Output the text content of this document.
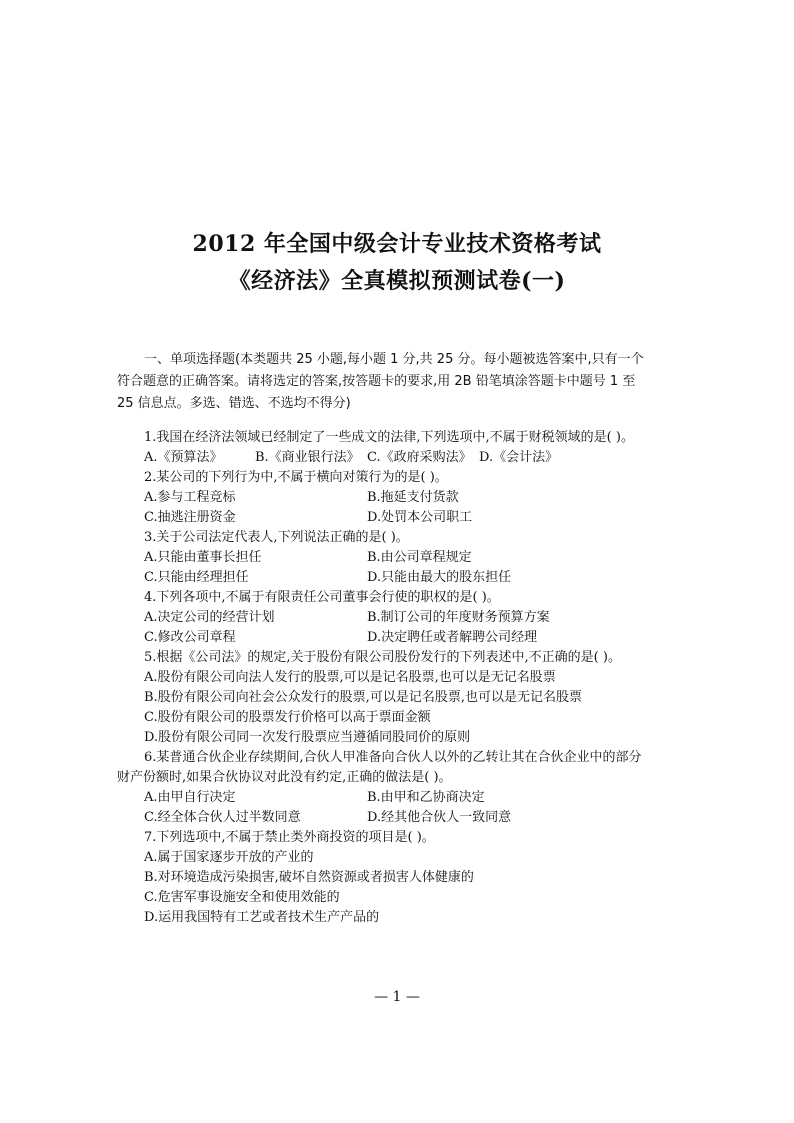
2012 年全国中级会计专业技术资格考试
《经济法》全真模拟预测试卷(一)
一、单项选择题(本类题共 25 小题,每小题 1 分,共 25 分。每小题被选答案中,只有一个
符合题意的正确答案。请将选定的答案,按答题卡的要求,用 2B 铅笔填涂答题卡中题号 1 至
25 信息点。多选、错选、不选均不得分)
1.我国在经济法领域已经制定了一些成文的法律,下列选项中,不属于财税领域的是( )。
A.《预算法》 B.《商业银行法》 C.《政府采购法》 D.《会计法》
2.某公司的下列行为中,不属于横向对策行为的是( )。
A.参与工程竞标	B.拖延支付货款
C.抽逃注册资金	D.处罚本公司职工
3.关于公司法定代表人,下列说法正确的是( )。
A.只能由董事长担任	B.由公司章程规定
C.只能由经理担任	D.只能由最大的股东担任
4.下列各项中,不属于有限责任公司董事会行使的职权的是( )。
A.决定公司的经营计划	B.制订公司的年度财务预算方案
C.修改公司章程	D.决定聘任或者解聘公司经理
5.根据《公司法》的规定,关于股份有限公司股份发行的下列表述中,不正确的是( )。
A.股份有限公司向法人发行的股票,可以是记名股票,也可以是无记名股票
B.股份有限公司向社会公众发行的股票,可以是记名股票,也可以是无记名股票
C.股份有限公司的股票发行价格可以高于票面金额
D.股份有限公司同一次发行股票应当遵循同股同价的原则
6.某普通合伙企业存续期间,合伙人甲准备向合伙人以外的乙转让其在合伙企业中的部分
财产份额时,如果合伙协议对此没有约定,正确的做法是( )。
A.由甲自行决定	B.由甲和乙协商决定
C.经全体合伙人过半数同意	D.经其他合伙人一致同意
7.下列选项中,不属于禁止类外商投资的项目是( )。
A.属于国家逐步开放的产业的
B.对环境造成污染损害,破坏自然资源或者损害人体健康的
C.危害军事设施安全和使用效能的
D.运用我国特有工艺或者技术生产产品的
— 1 —
